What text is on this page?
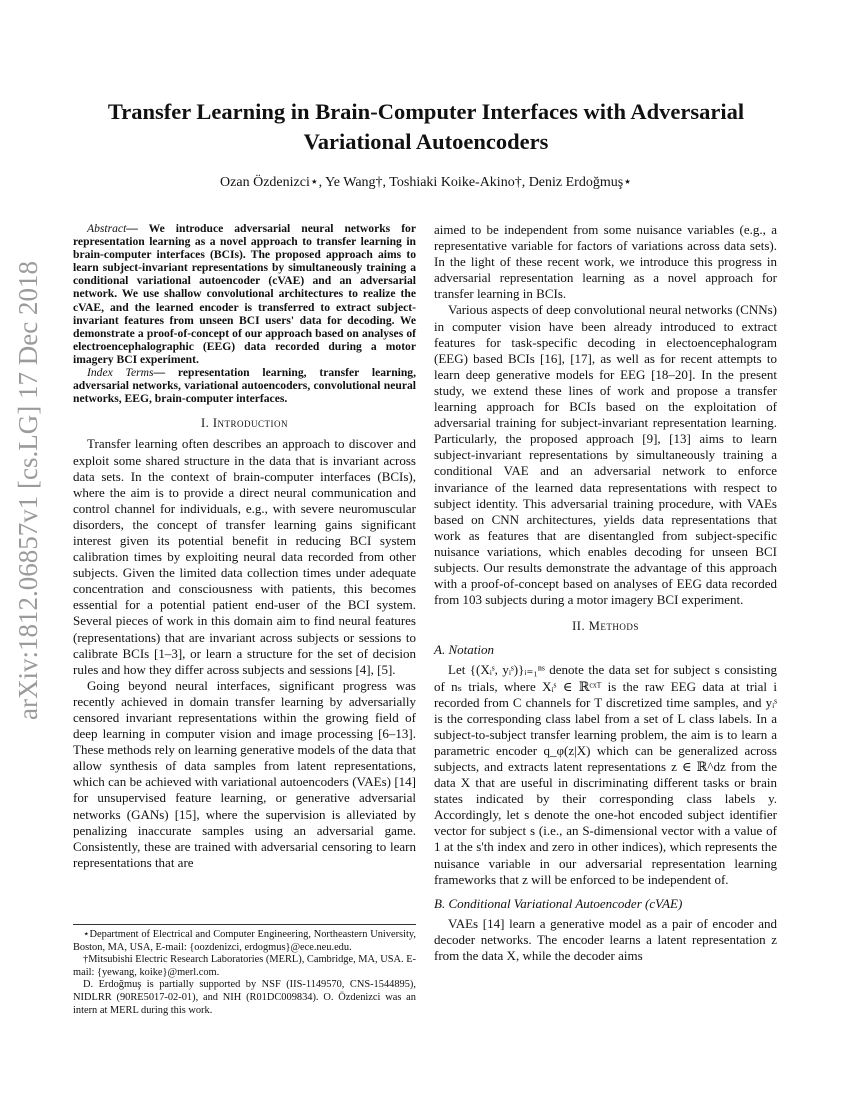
arXiv:1812.06857v1 [cs.LG] 17 Dec 2018
Transfer Learning in Brain-Computer Interfaces with Adversarial
Variational Autoencoders
Ozan Özdenizci⋆, Ye Wang†, Toshiaki Koike-Akino†, Deniz Erdoğmuş⋆

Abstract— We introduce adversarial neural networks for representation learning as a novel approach to transfer learning in brain-computer interfaces (BCIs). The proposed approach aims to learn subject-invariant representations by simultaneously training a conditional variational autoencoder (cVAE) and an adversarial network. We use shallow convolutional architectures to realize the cVAE, and the learned encoder is transferred to extract subject-invariant features from unseen BCI users' data for decoding. We demonstrate a proof-of-concept of our approach based on analyses of electroencephalographic (EEG) data recorded during a motor imagery BCI experiment.

Index Terms— representation learning, transfer learning, adversarial networks, variational autoencoders, convolutional neural networks, EEG, brain-computer interfaces.

I. Introduction

Transfer learning often describes an approach to discover and exploit some shared structure in the data that is invariant across data sets. In the context of brain-computer interfaces (BCIs), where the aim is to provide a direct neural communication and control channel for individuals, e.g., with severe neuromuscular disorders, the concept of transfer learning gains significant interest given its potential benefit in reducing BCI system calibration times by exploiting neural data recorded from other subjects. Given the limited data collection times under adequate concentration and consciousness with patients, this becomes essential for a potential patient end-user of the BCI system. Several pieces of work in this domain aim to find neural features (representations) that are invariant across subjects or sessions to calibrate BCIs [1–3], or learn a structure for the set of decision rules and how they differ across subjects and sessions [4], [5].

Going beyond neural interfaces, significant progress was recently achieved in domain transfer learning by adversarially censored invariant representations within the growing field of deep learning in computer vision and image processing [6–13]. These methods rely on learning generative models of the data that allow synthesis of data samples from latent representations, which can be achieved with variational autoencoders (VAEs) [14] for unsupervised feature learning, or generative adversarial networks (GANs) [15], where the supervision is alleviated by penalizing inaccurate samples using an adversarial game. Consistently, these are trained with adversarial censoring to learn representations that are

⋆Department of Electrical and Computer Engineering, Northeastern University, Boston, MA, USA, E-mail: {oozdenizci, erdogmus}@ece.neu.edu.

†Mitsubishi Electric Research Laboratories (MERL), Cambridge, MA, USA. E-mail: {yewang, koike}@merl.com.

D. Erdoğmuş is partially supported by NSF (IIS-1149570, CNS-1544895), NIDLRR (90RE5017-02-01), and NIH (R01DC009834). O. Özdenizci was an intern at MERL during this work.

aimed to be independent from some nuisance variables (e.g., a representative variable for factors of variations across data sets). In the light of these recent work, we introduce this progress in adversarial representation learning as a novel approach for transfer learning in BCIs.

Various aspects of deep convolutional neural networks (CNNs) in computer vision have been already introduced to extract features for task-specific decoding in electoencephalogram (EEG) based BCIs [16], [17], as well as for recent attempts to learn deep generative models for EEG [18–20]. In the present study, we extend these lines of work and propose a transfer learning approach for BCIs based on the exploitation of adversarial training for subject-invariant representation learning. Particularly, the proposed approach [9], [13] aims to learn subject-invariant representations by simultaneously training a conditional VAE and an adversarial network to enforce invariance of the learned data representations with respect to subject identity. This adversarial training procedure, with VAEs based on CNN architectures, yields data representations that work as features that are disentangled from subject-specific nuisance variations, which enables decoding for unseen BCI subjects. Our results demonstrate the advantage of this approach with a proof-of-concept based on analyses of EEG data recorded from 103 subjects during a motor imagery BCI experiment.

II. Methods
A. Notation

Let {(Xᵢˢ, yᵢˢ)}ᵢ₌₁ⁿˢ denote the data set for subject s consisting of nₛ trials, where Xᵢˢ ∈ ℝᶜˣᵀ is the raw EEG data at trial i recorded from C channels for T discretized time samples, and yᵢˢ is the corresponding class label from a set of L class labels. In a subject-to-subject transfer learning problem, the aim is to learn a parametric encoder q_φ(z|X) which can be generalized across subjects, and extracts latent representations z ∈ ℝ^dz from the data X that are useful in discriminating different tasks or brain states indicated by their corresponding class labels y. Accordingly, let s denote the one-hot encoded subject identifier vector for subject s (i.e., an S-dimensional vector with a value of 1 at the s'th index and zero in other indices), which represents the nuisance variable in our adversarial representation learning frameworks that z will be enforced to be independent of.

B. Conditional Variational Autoencoder (cVAE)

VAEs [14] learn a generative model as a pair of encoder and decoder networks. The encoder learns a latent representation z from the data X, while the decoder aims
